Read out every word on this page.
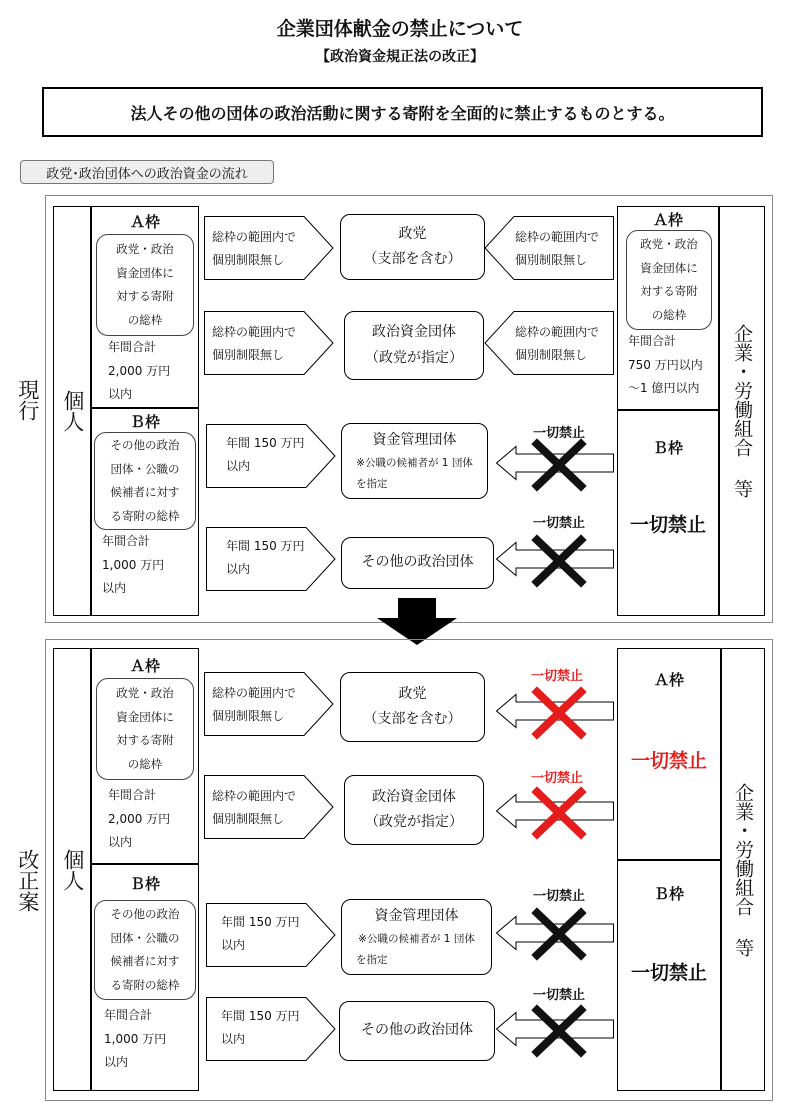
企業団体献金の禁止について
【政治資金規正法の改正】
法人その他の団体の政治活動に関する寄附を全面的に禁止するものとする。
政党･政治団体への政治資金の流れ
現行	個人
Ａ枠
政党・政治
資金団体に
対する寄附
の総枠
年間合計
2,000 万円
以内
Ｂ枠
その他の政治
団体・公職の
候補者に対す
る寄附の総枠
年間合計
1,000 万円
以内
Ａ枠
政党・政治
資金団体に
対する寄附
の総枠
年間合計
750 万円以内
～1 億円以内
Ｂ枠
一切禁止
企業・労働組合 等
総枠の範囲内で
個別制限無し
政党
（支部を含む）
総枠の範囲内で
個別制限無し
総枠の範囲内で
個別制限無し
政治資金団体
（政党が指定）
総枠の範囲内で
個別制限無し
年間 150 万円
以内
資金管理団体
※公職の候補者が 1 団体
を指定
一切禁止
年間 150 万円
以内	その他の政治団体
一切禁止
改正案	個人
Ａ枠
政党・政治
資金団体に
対する寄附
の総枠
年間合計
2,000 万円
以内
Ｂ枠
その他の政治
団体・公職の
候補者に対す
る寄附の総枠
年間合計
1,000 万円
以内
Ａ枠
一切禁止
Ｂ枠
一切禁止
企業・労働組合 等
総枠の範囲内で
個別制限無し
政党
（支部を含む）
一切禁止
総枠の範囲内で
個別制限無し
政治資金団体
（政党が指定）
一切禁止
年間 150 万円
以内
資金管理団体
※公職の候補者が 1 団体
を指定
一切禁止
年間 150 万円
以内
その他の政治団体
一切禁止
